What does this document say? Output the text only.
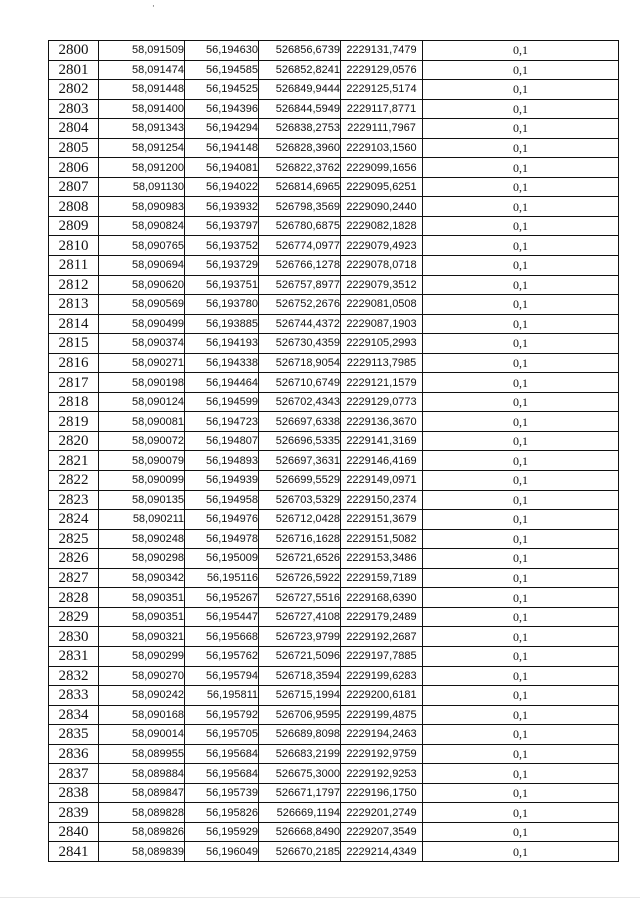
·
2800	58,091509	56,194630	526856,6739	2229131,7479	0,1
2801	58,091474	56,194585	526852,8241	2229129,0576	0,1
2802	58,091448	56,194525	526849,9444	2229125,5174	0,1
2803	58,091400	56,194396	526844,5949	2229117,8771	0,1
2804	58,091343	56,194294	526838,2753	2229111,7967	0,1
2805	58,091254	56,194148	526828,3960	2229103,1560	0,1
2806	58,091200	56,194081	526822,3762	2229099,1656	0,1
2807	58,091130	56,194022	526814,6965	2229095,6251	0,1
2808	58,090983	56,193932	526798,3569	2229090,2440	0,1
2809	58,090824	56,193797	526780,6875	2229082,1828	0,1
2810	58,090765	56,193752	526774,0977	2229079,4923	0,1
2811	58,090694	56,193729	526766,1278	2229078,0718	0,1
2812	58,090620	56,193751	526757,8977	2229079,3512	0,1
2813	58,090569	56,193780	526752,2676	2229081,0508	0,1
2814	58,090499	56,193885	526744,4372	2229087,1903	0,1
2815	58,090374	56,194193	526730,4359	2229105,2993	0,1
2816	58,090271	56,194338	526718,9054	2229113,7985	0,1
2817	58,090198	56,194464	526710,6749	2229121,1579	0,1
2818	58,090124	56,194599	526702,4343	2229129,0773	0,1
2819	58,090081	56,194723	526697,6338	2229136,3670	0,1
2820	58,090072	56,194807	526696,5335	2229141,3169	0,1
2821	58,090079	56,194893	526697,3631	2229146,4169	0,1
2822	58,090099	56,194939	526699,5529	2229149,0971	0,1
2823	58,090135	56,194958	526703,5329	2229150,2374	0,1
2824	58,090211	56,194976	526712,0428	2229151,3679	0,1
2825	58,090248	56,194978	526716,1628	2229151,5082	0,1
2826	58,090298	56,195009	526721,6526	2229153,3486	0,1
2827	58,090342	56,195116	526726,5922	2229159,7189	0,1
2828	58,090351	56,195267	526727,5516	2229168,6390	0,1
2829	58,090351	56,195447	526727,4108	2229179,2489	0,1
2830	58,090321	56,195668	526723,9799	2229192,2687	0,1
2831	58,090299	56,195762	526721,5096	2229197,7885	0,1
2832	58,090270	56,195794	526718,3594	2229199,6283	0,1
2833	58,090242	56,195811	526715,1994	2229200,6181	0,1
2834	58,090168	56,195792	526706,9595	2229199,4875	0,1
2835	58,090014	56,195705	526689,8098	2229194,2463	0,1
2836	58,089955	56,195684	526683,2199	2229192,9759	0,1
2837	58,089884	56,195684	526675,3000	2229192,9253	0,1
2838	58,089847	56,195739	526671,1797	2229196,1750	0,1
2839	58,089828	56,195826	526669,1194	2229201,2749	0,1
2840	58,089826	56,195929	526668,8490	2229207,3549	0,1
2841	58,089839	56,196049	526670,2185	2229214,4349	0,1
